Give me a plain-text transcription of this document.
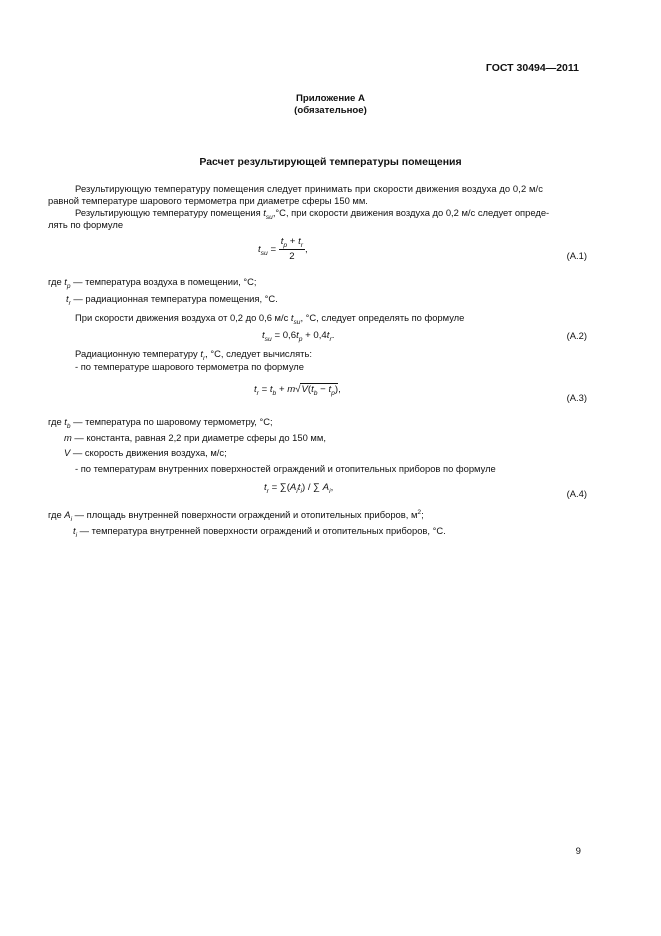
ГОСТ 30494—2011
Приложение А
(обязательное)
Расчет результирующей температуры помещения
Результирующую температуру помещения следует принимать при скорости движения воздуха до 0,2 м/с
равной температуре шарового термометра при диаметре сферы 150 мм.
Результирующую температуру помещения $t_{su},^\circ С$, при скорости движения воздуха до 0,2 м/с следует опреде-
лять по формуле
$t_{su} = \frac{t_p + t_r}{2}$ ,
(А.1)
где $t_p$ — температура воздуха в помещении, °С;
$t_r$ — радиационная температура помещения, °С.
При скорости движения воздуха от 0,2 до 0,6 м/с $t_{su}$, °С, следует определять по формуле
$t_{su} = 0,6t_p + 0,4t_r$.	(А.2)
Радиационную температуру $t_r$, °С, следует вычислять:
- по температуре шарового термометра по формуле
$t_r = t_b + m√V(t_b - t_p)$,
(А.3)
где $t_b$ — температура по шаровому термометру, °С;
m — константа, равная 2,2 при диаметре сферы до 150 мм,
V — скорость движения воздуха, м/с;
- по температурам внутренних поверхностей ограждений и отопительных приборов по формуле
$t_r = \sum(A_it_i)$ / ∑ $A_i$,
(А.4)
где $A_i$ — площадь внутренней поверхности ограждений и отопительных приборов, $м^2$;
$t_i$ — температура внутренней поверхности ограждений и отопительных приборов, °С.
9
